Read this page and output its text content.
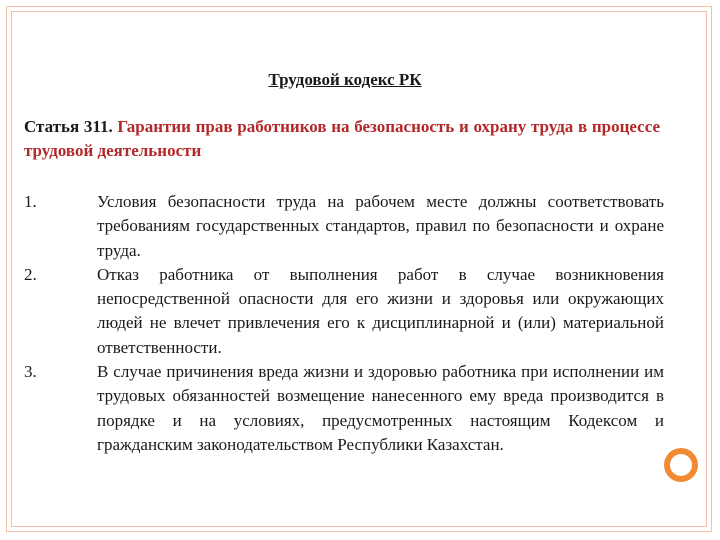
Трудовой кодекс РК
Статья 311. Гарантии прав работников на безопасность и охрану труда в процессе трудовой деятельности
1.	Условия безопасности труда на рабочем месте должны соответствовать требованиям государственных стандартов, правил по безопасности и охране труда.
2.	Отказ работника от выполнения работ в случае возникновения непосредственной опасности для его жизни и здоровья или окружающих людей не влечет привлечения его к дисциплинарной и (или) материальной ответственности.
3.	В случае причинения вреда жизни и здоровью работника при исполнении им трудовых обязанностей возмещение нанесенного ему вреда производится в порядке и на условиях, предусмотренных настоящим Кодексом и гражданским законодательством Республики Казахстан.
